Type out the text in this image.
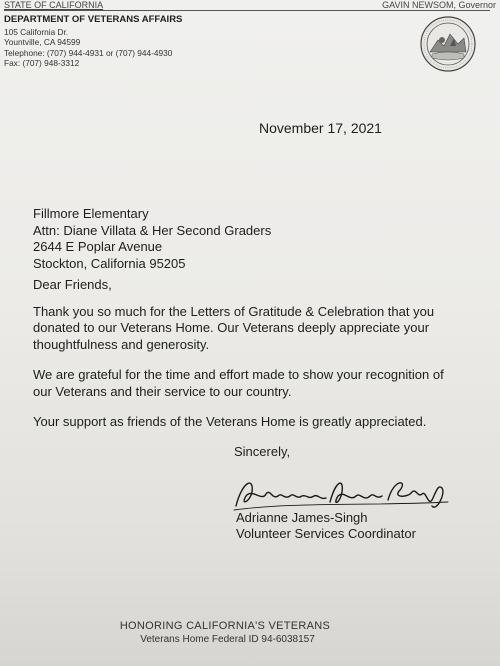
STATE OF CALIFORNIA	GAVIN NEWSOM, Governor
DEPARTMENT OF VETERANS AFFAIRS
105 California Dr.
Yountville, CA 94599
Telephone: (707) 944-4931 or (707) 944-4930
Fax: (707) 948-3312
November 17, 2021
Fillmore Elementary
Attn: Diane Villata & Her Second Graders
2644 E Poplar Avenue
Stockton, California 95205

Dear Friends,

Thank you so much for the Letters of Gratitude & Celebration that you donated to our Veterans Home. Our Veterans deeply appreciate your thoughtfulness and generosity.

We are grateful for the time and effort made to show your recognition of our Veterans and their service to our country.

Your support as friends of the Veterans Home is greatly appreciated.

Sincerely,
Adrianne James-Singh
Volunteer Services Coordinator
HONORING CALIFORNIA'S VETERANS
Veterans Home Federal ID 94-6038157
